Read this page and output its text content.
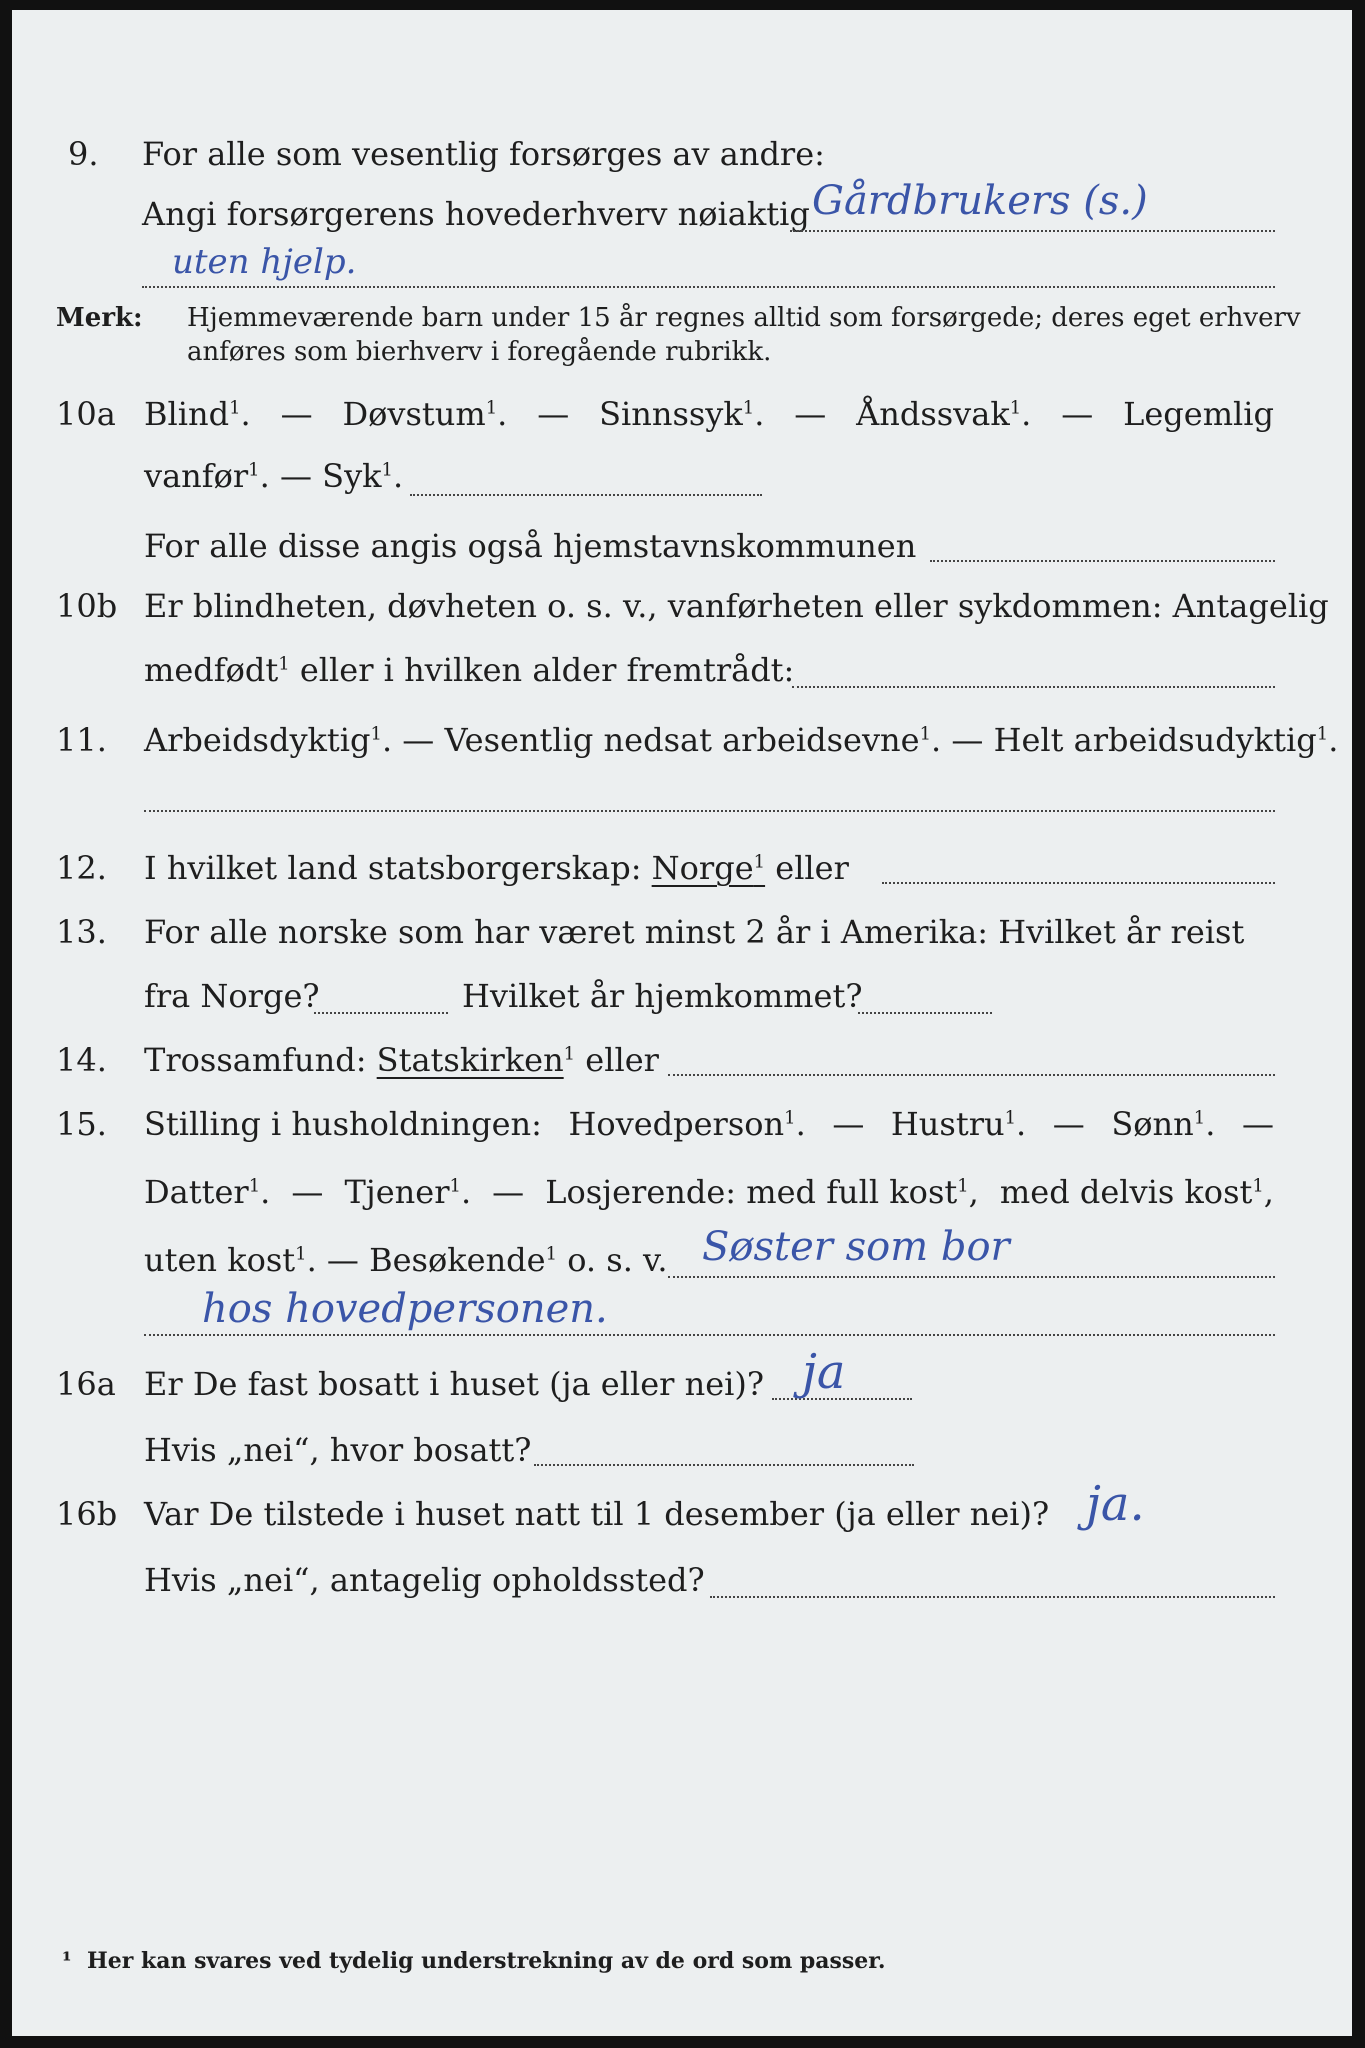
9. For alle som vesentlig forsørges av andre:
Angi forsørgerens hovederhverv nøiaktig Gårdbrukers (s.)
uten hjelp.
Merk: Hjemmeværende barn under 15 år regnes alltid som forsørgede; deres eget erhverv
anføres som bierhverv i foregående rubrikk.
10a Blind$^1$. — Døvstum$^1$. — Sinnssyk$^1$. — Åndssvak$^1$. — Legemlig
vanfør$^1$. — Syk$^1$.
For alle disse angis også hjemstavnskommunen
10b Er blindheten, døvheten o. s. v., vanførheten eller sykdommen: Antagelig
medfødt$^1$ eller i hvilken alder fremtrådt:
11. Arbeidsdyktig$^1$. — Vesentlig nedsat arbeidsevne$^1$. — Helt arbeidsudyktig$^1$.
12. I hvilket land statsborgerskap: Norge$^1$ eller
13. For alle norske som har været minst 2 år i Amerika: Hvilket år reist
fra Norge?	Hvilket år hjemkommet?
14. Trossamfund: Statskirken$^1$ eller
15. Stilling i husholdningen: Hovedperson$^1$. — Hustru$^1$. — Sønn$^1$. —
Datter$^1$. — Tjener$^1$. — Losjerende: med full kost$^1$, med delvis kost$^1$,
uten kost$^1$. — Besøkende$^1$ o. s. v. Søster som bor
hos hovedpersonen.
16a Er De fast bosatt i huset (ja eller nei)? ja
Hvis „nei“, hvor bosatt?
16b Var De tilstede i huset natt til 1 desember (ja eller nei)? ja.
Hvis „nei“, antagelig opholdssted?
¹ Her kan svares ved tydelig understrekning av de ord som passer.
